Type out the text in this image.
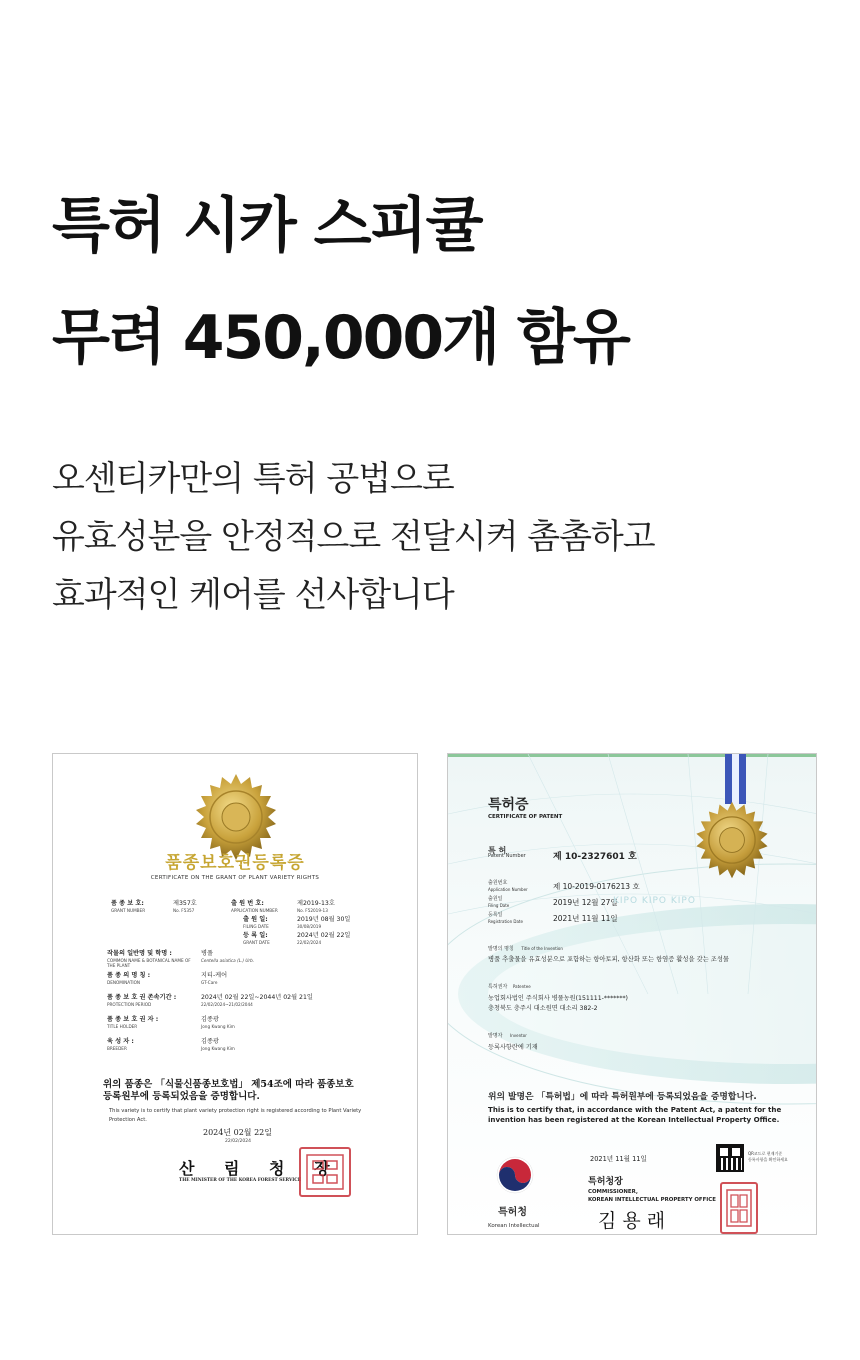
특허 시카 스피큘
무려 450,000개 함유
오센티카만의 특허 공법으로
유효성분을 안정적으로 전달시켜 촘촘하고
효과적인 케어를 선사합니다
품종보호권등록증
CERTIFICATE ON THE GRANT OF PLANT VARIETY RIGHTS
품 종 보 호:
GRANT NUMBER
제357호
No. F5357
출 원 번 호:
APPLICATION NUMBER
제2019-13호
No. F52019-13
출 원 일:
FILING DATE
2019년 08월 30일
30/08/2019
등 록 일:
GRANT DATE
2024년 02월 22일
22/02/2024
작물의 일반명 및 학명 :
COMMON NAME & BOTANICAL NAME OF THE PLANT
병풀
Centella asiatica (L.) Urb.
품 종 의 명 칭 :
DENOMINATION
지티-케어
GT-Care
품 종 보 호 권 존속기간 :
PROTECTION PERIOD
2024년 02월 22일~2044년 02월 21일
22/02/2024~21/02/2044
품 종 보 호 권 자 :
TITLE HOLDER
김종광
Jong Kwang Kim
육 성 자 :
BREEDER
김종광
Jong Kwang Kim
위의 품종은 「식물신품종보호법」 제54조에 따라 품종보호
등록원부에 등록되었음을 증명합니다.
This variety is to certify that plant variety protection right is registered according to Plant Variety Protection Act.
2024년 02월 22일
22/02/2024
산 림 청 장
THE MINISTER OF THE KOREA FOREST SERVICE
특허증
CERTIFICATE OF PATENT
특 허
Patent Number	제 10-2327601 호
출원번호
Application Number	제 10-2019-0176213 호
출원일
Filing Date	2019년 12월 27일
등록일
Registration Date	2021년 11월 11일
KIPO KIPO KIPO
발명의 명칭 Title of the Invention
병풀 추출물을 유효성분으로 포함하는 항아토피, 항산화 또는 항염증 활성을 갖는 조성물
특허권자 Patentee
농업회사법인 주식회사 병풀농원(151111-*******)
충청북도 충주시 대소원면 대소리 382-2
발명자 Inventor
등록사항란에 기재
위의 발명은 「특허법」에 따라 특허원부에 등록되었음을 증명합니다.
This is to certify that, in accordance with the Patent Act, a patent for the
invention has been registered at the Korean Intellectual Property Office.
2021년 11월 11일
QR코드로 현재기준
등록사항을 확인하세요
특허청장
COMMISSIONER,
KOREAN INTELLECTUAL PROPERTY OFFICE
김 용 래
특허청
Korean Intellectual
